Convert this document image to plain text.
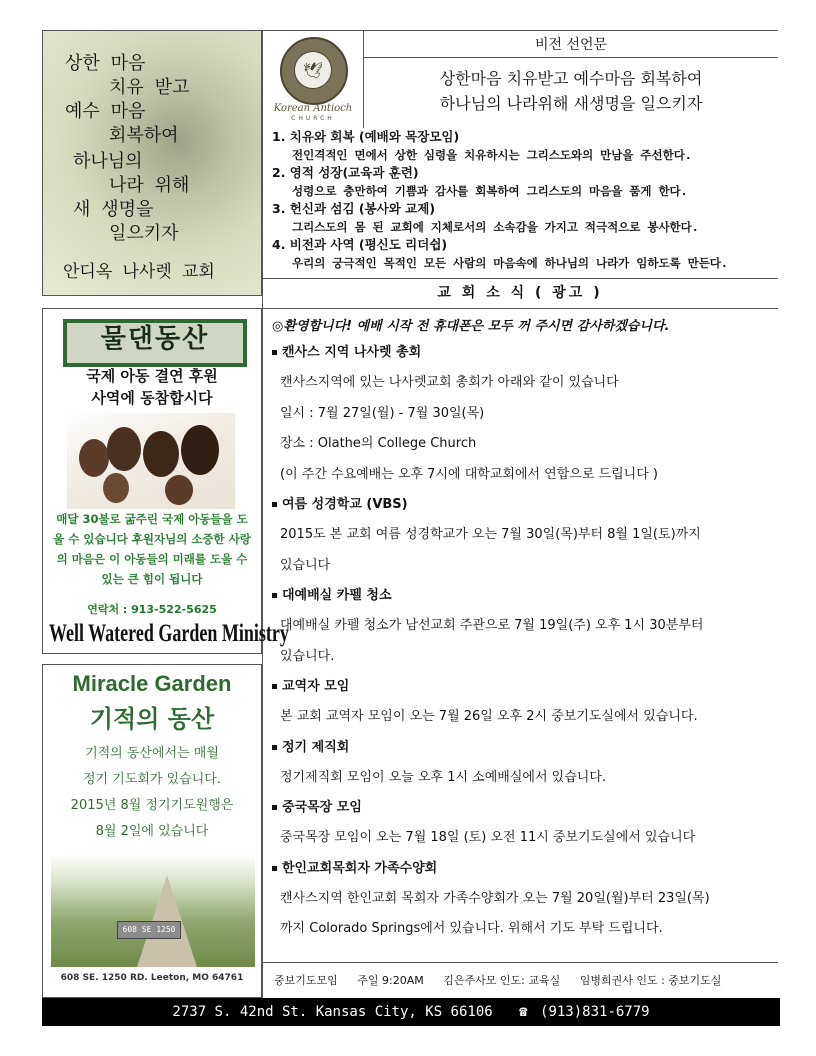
상한 마음
치유 받고
예수 마음
회복하여
하나님의
나라 위해
새 생명을
일으키자
안디옥 나사렛 교회
🕊
Korean Antioch
CHURCH
비전 선언문
상한마음 치유받고 예수마음 회복하여
하나님의 나라위해 새생명을 일으키자
1. 치유와 회복 (예배와 목장모임)
전인격적인 면에서 상한 심령을 치유하시는 그리스도와의 만남을 주선한다.
2. 영적 성장(교육과 훈련)
성령으로 충만하여 기쁨과 감사를 회복하여 그리스도의 마음을 품게 한다.
3. 헌신과 섬김 (봉사와 교제)
그리스도의 몸 된 교회에 지체로서의 소속감을 가지고 적극적으로 봉사한다.
4. 비전과 사역 (평신도 리더쉽)
우리의 궁극적인 목적인 모든 사람의 마음속에 하나님의 나라가 임하도록 만든다.
교 회 소 식 ( 광고 )
물댄동산
국제 아동 결연 후원
사역에 동참합시다
매달 30불로 굶주린 국제 아동들을 도울 수 있습니다 후원자님의 소중한 사랑의 마음은 이 아동들의 미래를 도울 수 있는 큰 힘이 됩니다
연락처 : 913-522-5625
Well Watered Garden Ministry
Miracle Garden
기적의 동산
기적의 동산에서는 매월
정기 기도회가 있습니다.
2015년 8월 정기기도원행은
8월 2일에 있습니다
608 SE 1250
608 SE. 1250 RD. Leeton, MO 64761
◎환영합니다! 예배 시작 전 휴대폰은 모두 꺼 주시면 감사하겠습니다.
캔사스 지역 나사렛 총회
캔사스지역에 있는 나사렛교회 총회가 아래와 같이 있습니다
일시 : 7월 27일(월) - 7월 30일(목)
장소 : Olathe의 College Church
(이 주간 수요예배는 오후 7시에 대학교회에서 연합으로 드립니다 )
여름 성경학교 (VBS)
2015도 본 교회 여름 성경학교가 오는 7월 30일(목)부터 8월 1일(토)까지
있습니다
대예배실 카펠 청소
대예배실 카펠 청소가 남선교회 주관으로 7월 19일(주) 오후 1시 30분부터
있습니다.
교역자 모임
본 교회 교역자 모임이 오는 7월 26일 오후 2시 중보기도실에서 있습니다.
정기 제직회
정기제직회 모임이 오늘 오후 1시 소예배실에서 있습니다.
중국목장 모임
중국목장 모임이 오는 7월 18일 (토) 오전 11시 중보기도실에서 있습니다
한인교회목회자 가족수양회
캔사스지역 한인교회 목회자 가족수양회가 오는 7월 20일(월)부터 23일(목)
까지 Colorado Springs에서 있습니다. 위해서 기도 부탁 드립니다.
중보기도모임 주일 9:20AM 김은주사모 인도: 교육실 임병희권사 인도 : 중보기도실
2737 S. 42nd St. Kansas City, KS 66106 ☎ (913)831-6779
